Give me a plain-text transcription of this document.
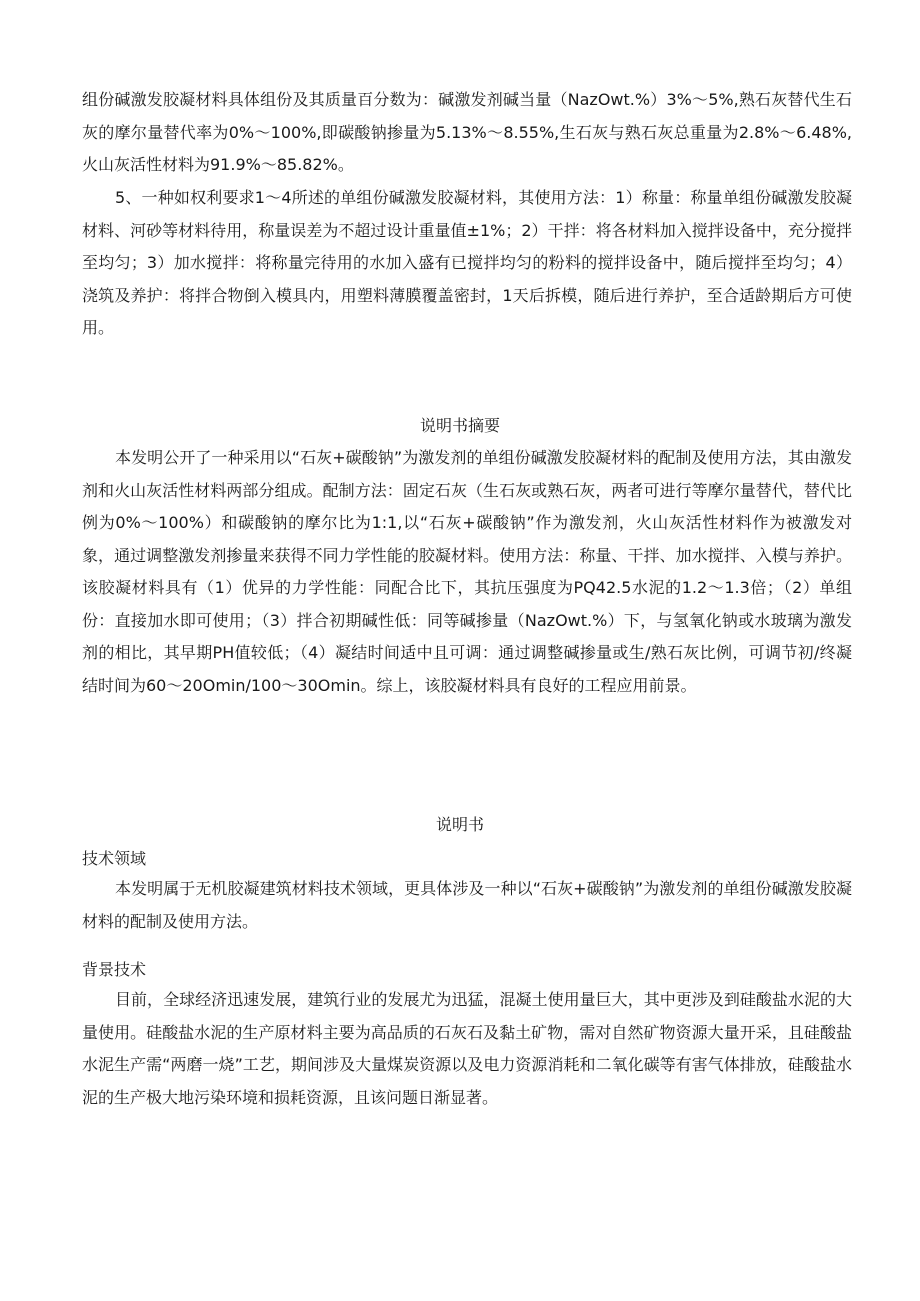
组份碱激发胶凝材料具体组份及其质量百分数为：碱激发剂碱当量（NazOwt.%）3%～5%,熟石灰替代生石灰的摩尔量替代率为0%～100%,即碳酸钠掺量为5.13%～8.55%,生石灰与熟石灰总重量为2.8%～6.48%,火山灰活性材料为91.9%～85.82%。

5、一种如权利要求1～4所述的单组份碱激发胶凝材料，其使用方法：1）称量：称量单组份碱激发胶凝材料、河砂等材料待用，称量误差为不超过设计重量值±1%；2）干拌：将各材料加入搅拌设备中，充分搅拌至均匀；3）加水搅拌：将称量完待用的水加入盛有已搅拌均匀的粉料的搅拌设备中，随后搅拌至均匀；4）浇筑及养护：将拌合物倒入模具内，用塑料薄膜覆盖密封，1天后拆模，随后进行养护，至合适龄期后方可使用。

说明书摘要

本发明公开了一种采用以“石灰+碳酸钠”为激发剂的单组份碱激发胶凝材料的配制及使用方法，其由激发剂和火山灰活性材料两部分组成。配制方法：固定石灰（生石灰或熟石灰，两者可进行等摩尔量替代，替代比例为0%～100%）和碳酸钠的摩尔比为1:1,以“石灰+碳酸钠”作为激发剂，火山灰活性材料作为被激发对象，通过调整激发剂掺量来获得不同力学性能的胶凝材料。使用方法：称量、干拌、加水搅拌、入模与养护。该胶凝材料具有（1）优异的力学性能：同配合比下，其抗压强度为PQ42.5水泥的1.2～1.3倍；（2）单组份：直接加水即可使用；（3）拌合初期碱性低：同等碱掺量（NazOwt.%）下，与氢氧化钠或水玻璃为激发剂的相比，其早期PH值较低；（4）凝结时间适中且可调：通过调整碱掺量或生/熟石灰比例，可调节初/终凝结时间为60～20Omin/100～30Omin。综上，该胶凝材料具有良好的工程应用前景。

说明书

技术领域

本发明属于无机胶凝建筑材料技术领域，更具体涉及一种以“石灰+碳酸钠”为激发剂的单组份碱激发胶凝材料的配制及使用方法。

背景技术

目前，全球经济迅速发展，建筑行业的发展尤为迅猛，混凝土使用量巨大，其中更涉及到硅酸盐水泥的大量使用。硅酸盐水泥的生产原材料主要为高品质的石灰石及黏土矿物，需对自然矿物资源大量开采，且硅酸盐水泥生产需“两磨一烧”工艺，期间涉及大量煤炭资源以及电力资源消耗和二氧化碳等有害气体排放，硅酸盐水泥的生产极大地污染环境和损耗资源，且该问题日渐显著。
